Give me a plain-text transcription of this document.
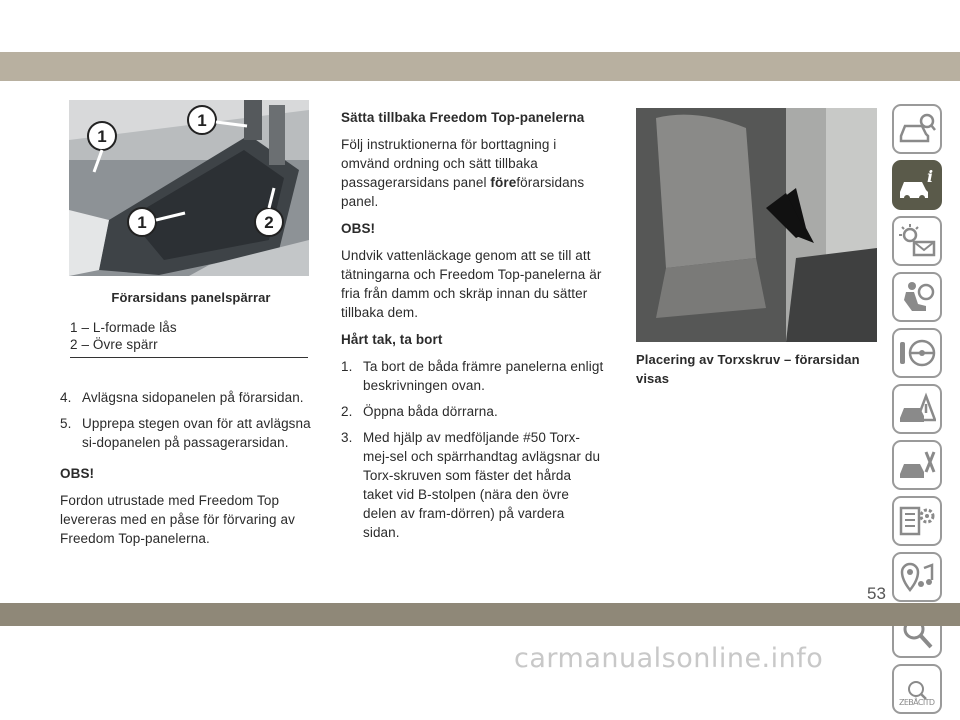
1
1
1	2
Förarsidans panelspärrar
1 – L-formade lås
2 – Övre spärr
4. Avlägsna sidopanelen på förarsidan.
5. Upprepa stegen ovan för att avlägsna si-dopanelen på passagerarsidan.

OBS!

Fordon utrustade med Freedom Top levereras med en påse för förvaring av Freedom Top-panelerna.

Sätta tillbaka Freedom Top-panelerna

Följ instruktionerna för borttagning i omvänd ordning och sätt tillbaka passagerarsidans panel föreförarsidans panel.

OBS!

Undvik vattenläckage genom att se till att tätningarna och Freedom Top-panelerna är fria från damm och skräp innan du sätter tillbaka dem.

Hårt tak, ta bort

1. Ta bort de båda främre panelerna enligt beskrivningen ovan.
2. Öppna båda dörrarna.
3. Med hjälp av medföljande #50 Torx-mej-sel och spärrhandtag avlägsnar du Torx-skruven som fäster det hårda taket vid B-stolpen (nära den övre delen av fram-dörren) på vardera sidan.
Placering av Torxskruv – förarsidan visas
i
Z E B Å C I T D
53
carmanualsonline.info
